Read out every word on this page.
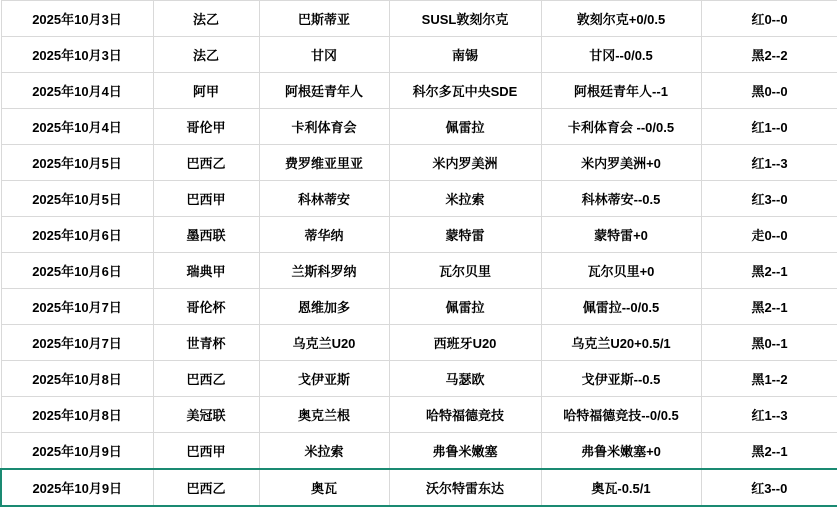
2025年10月3日	法乙	巴斯蒂亚	SUSL敦刻尔克	敦刻尔克+0/0.5	红0--0
2025年10月3日	法乙	甘冈	南锡	甘冈--0/0.5	黑2--2
2025年10月4日	阿甲	阿根廷青年人	科尔多瓦中央SDE	阿根廷青年人--1	黑0--0
2025年10月4日	哥伦甲	卡利体育会	佩雷拉	卡利体育会 --0/0.5	红1--0
2025年10月5日	巴西乙	费罗维亚里亚	米内罗美洲	米内罗美洲+0	红1--3
2025年10月5日	巴西甲	科林蒂安	米拉索	科林蒂安--0.5	红3--0
2025年10月6日	墨西联	蒂华纳	蒙特雷	蒙特雷+0	走0--0
2025年10月6日	瑞典甲	兰斯科罗纳	瓦尔贝里	瓦尔贝里+0	黑2--1
2025年10月7日	哥伦杯	恩维加多	佩雷拉	佩雷拉--0/0.5	黑2--1
2025年10月7日	世青杯	乌克兰U20	西班牙U20	乌克兰U20+0.5/1	黑0--1
2025年10月8日	巴西乙	戈伊亚斯	马瑟欧	戈伊亚斯--0.5	黑1--2
2025年10月8日	美冠联	奥克兰根	哈特福德竞技	哈特福德竞技--0/0.5	红1--3
2025年10月9日	巴西甲	米拉索	弗鲁米嫩塞	弗鲁米嫩塞+0	黑2--1
2025年10月9日	巴西乙	奥瓦	沃尔特雷东达	奥瓦-0.5/1	红3--0
